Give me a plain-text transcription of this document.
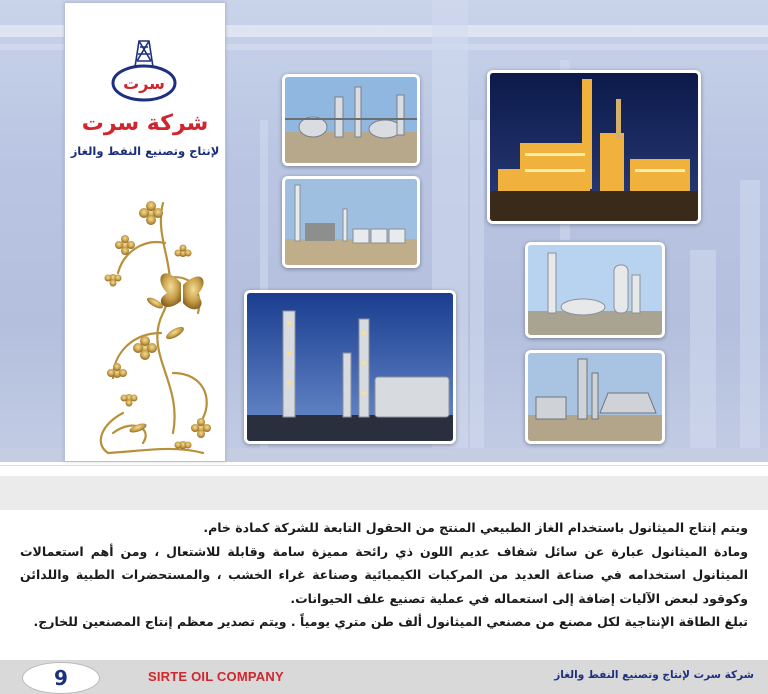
سرت
شركة سرت
لإنتاج وتصنيع النفط والغاز

ويتم إنتاج الميثانول باستخدام الغاز الطبيعي المنتج من الحقول التابعة للشركة كمادة خام.

ومادة الميثانول عبارة عن سائل شفاف عديم اللون ذي رائحة مميزة سامة وقابلة للاشتعال ، ومن أهم استعمالات الميثانول استخدامه في صناعة العديد من المركبات الكيميائية وصناعة غراء الخشب ، والمستحضرات الطبية واللدائن وكوقود لبعض الآليات إضافة إلى استعماله في عملية تصنيع علف الحيوانات.

تبلغ الطاقة الإنتاجية لكل مصنع من مصنعي الميثانول ألف طن متري يومياً . ويتم تصدير معظم إنتاج المصنعين للخارج.

9	SIRTE OIL COMPANY	شركة سرت لإنتاج وتصنيع النفط والغاز
